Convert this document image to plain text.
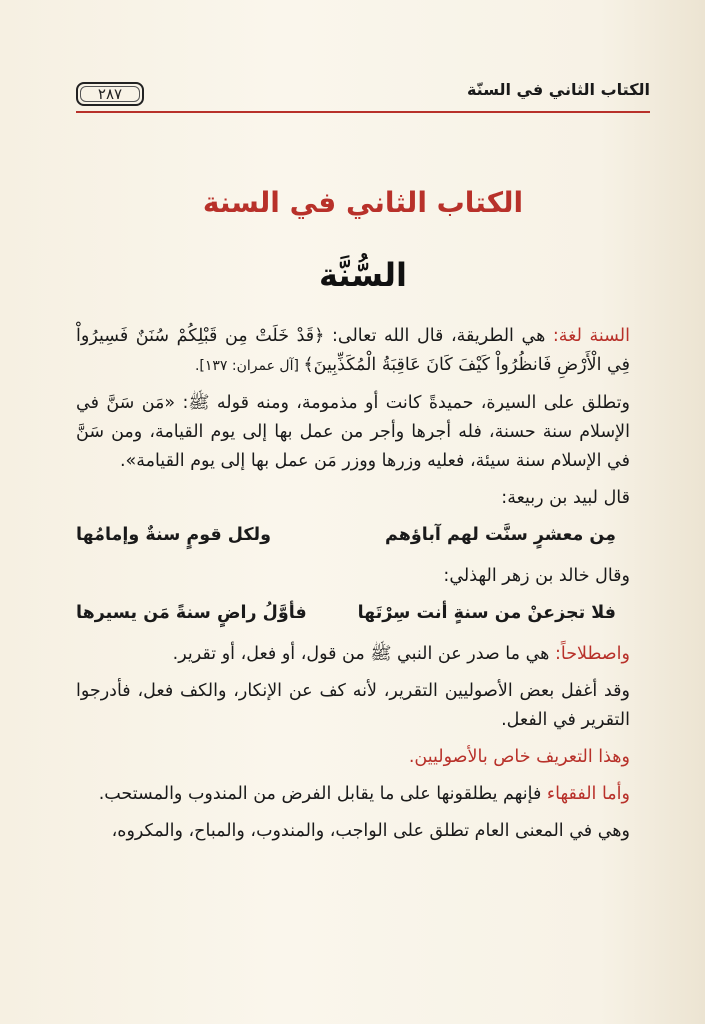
الكتاب الثاني في السنّة
٢٨٧
الكتاب الثاني في السنة
السُّنَّة

السنة لغة: هي الطريقة، قال الله تعالى: ﴿قَدْ خَلَتْ مِن قَبْلِكُمْ سُنَنٌ فَسِيرُواْ فِي الْأَرْضِ فَانظُرُواْ كَيْفَ كَانَ عَاقِبَةُ الْمُكَذِّبِينَ﴾ [آل عمران: ١٣٧].

وتطلق على السيرة، حميدةً كانت أو مذمومة، ومنه قوله ﷺ: «مَن سَنَّ في الإسلام سنة حسنة، فله أجرها وأجر من عمل بها إلى يوم القيامة، ومن سَنَّ في الإسلام سنة سيئة، فعليه وزرها ووزر مَن عمل بها إلى يوم القيامة».

قال لبيد بن ربيعة:

مِن معشرٍ سنَّت لهم آباؤهم
ولكل قومٍ سنةٌ وإمامُها

وقال خالد بن زهر الهذلي:

فلا تجزعنْ من سنةٍ أنت سِرْتَها
فأوَّلُ راضٍ سنةً مَن يسيرها

واصطلاحاً: هي ما صدر عن النبي ﷺ من قول، أو فعل، أو تقرير.

وقد أغفل بعض الأصوليين التقرير، لأنه كف عن الإنكار، والكف فعل، فأدرجوا التقرير في الفعل.

وهذا التعريف خاص بالأصوليين.

وأما الفقهاء فإنهم يطلقونها على ما يقابل الفرض من المندوب والمستحب.

وهي في المعنى العام تطلق على الواجب، والمندوب، والمباح، والمكروه،
